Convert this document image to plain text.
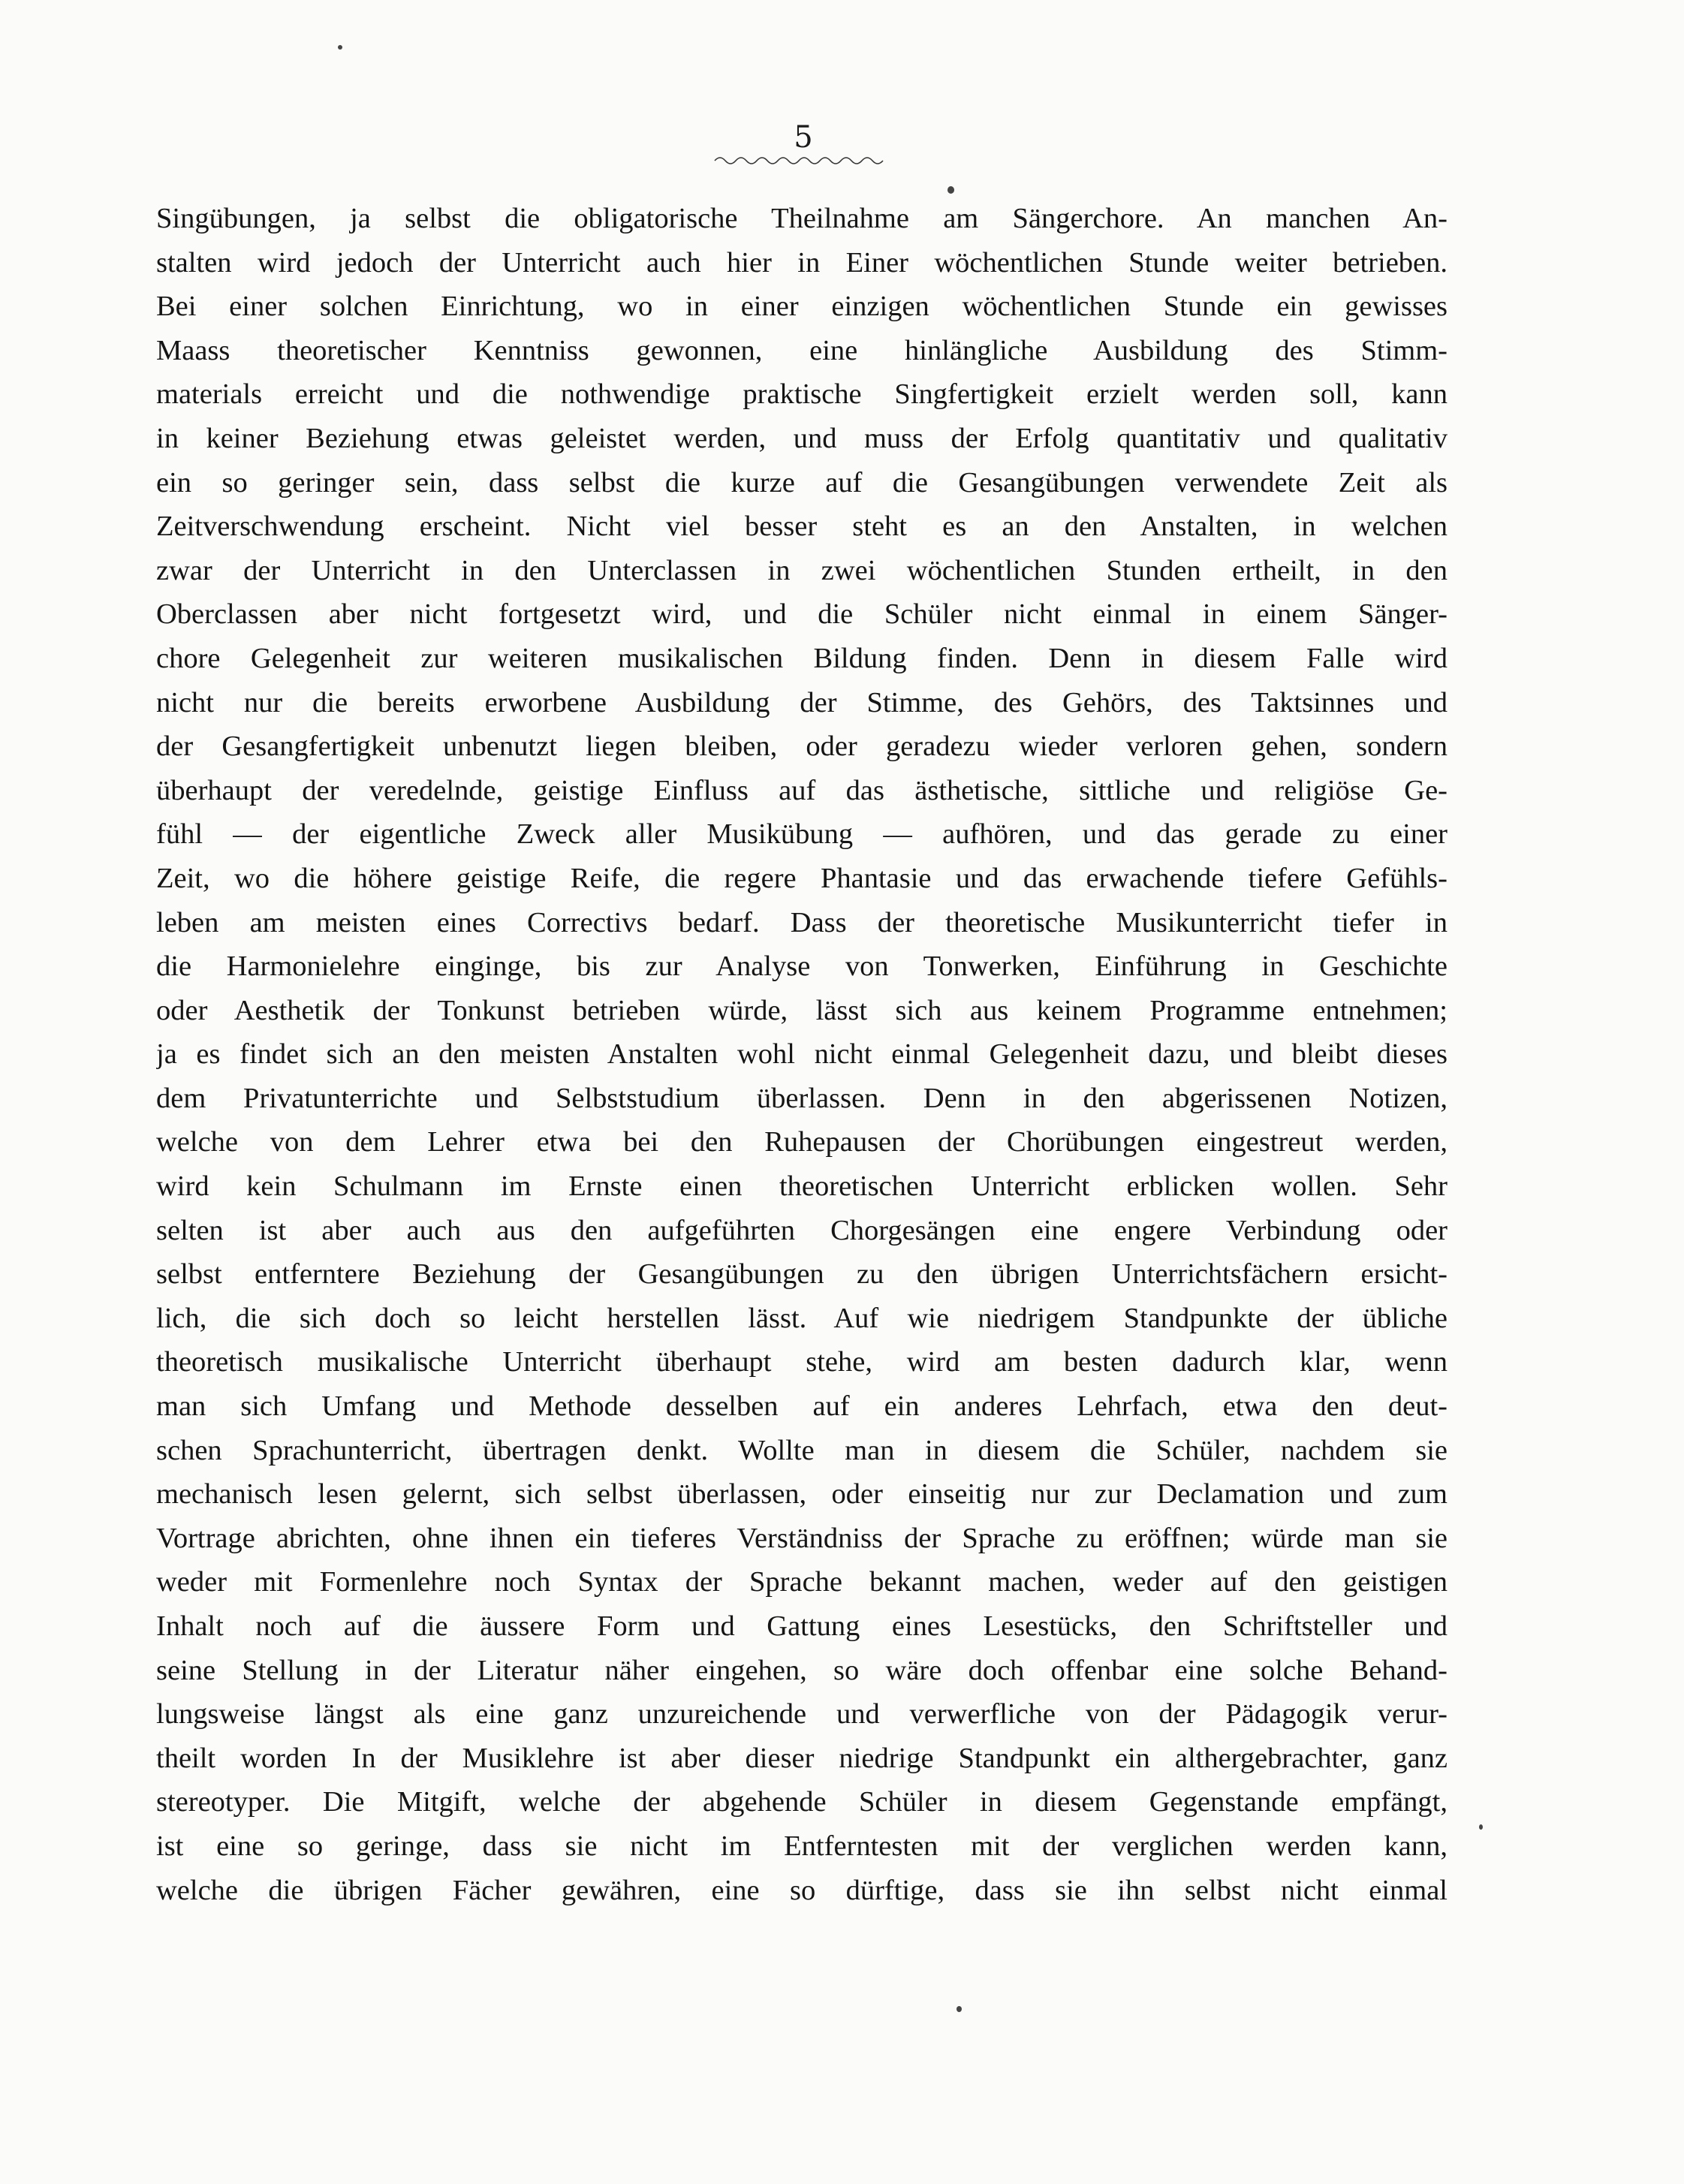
5
Singübungen, ja selbst die obligatorische Theilnahme am Sängerchore. An manchen An-
stalten wird jedoch der Unterricht auch hier in Einer wöchentlichen Stunde weiter betrieben.
Bei einer solchen Einrichtung, wo in einer einzigen wöchentlichen Stunde ein gewisses
Maass theoretischer Kenntniss gewonnen, eine hinlängliche Ausbildung des Stimm-
materials erreicht und die nothwendige praktische Singfertigkeit erzielt werden soll, kann
in keiner Beziehung etwas geleistet werden, und muss der Erfolg quantitativ und qualitativ
ein so geringer sein, dass selbst die kurze auf die Gesangübungen verwendete Zeit als
Zeitverschwendung erscheint. Nicht viel besser steht es an den Anstalten, in welchen
zwar der Unterricht in den Unterclassen in zwei wöchentlichen Stunden ertheilt, in den
Oberclassen aber nicht fortgesetzt wird, und die Schüler nicht einmal in einem Sänger-
chore Gelegenheit zur weiteren musikalischen Bildung finden. Denn in diesem Falle wird
nicht nur die bereits erworbene Ausbildung der Stimme, des Gehörs, des Taktsinnes und
der Gesangfertigkeit unbenutzt liegen bleiben, oder geradezu wieder verloren gehen, sondern
überhaupt der veredelnde, geistige Einfluss auf das ästhetische, sittliche und religiöse Ge-
fühl — der eigentliche Zweck aller Musikübung — aufhören, und das gerade zu einer
Zeit, wo die höhere geistige Reife, die regere Phantasie und das erwachende tiefere Gefühls-
leben am meisten eines Correctivs bedarf. Dass der theoretische Musikunterricht tiefer in
die Harmonielehre einginge, bis zur Analyse von Tonwerken, Einführung in Geschichte
oder Aesthetik der Tonkunst betrieben würde, lässt sich aus keinem Programme entnehmen;
ja es findet sich an den meisten Anstalten wohl nicht einmal Gelegenheit dazu, und bleibt dieses
dem Privatunterrichte und Selbststudium überlassen. Denn in den abgerissenen Notizen,
welche von dem Lehrer etwa bei den Ruhepausen der Chorübungen eingestreut werden,
wird kein Schulmann im Ernste einen theoretischen Unterricht erblicken wollen. Sehr
selten ist aber auch aus den aufgeführten Chorgesängen eine engere Verbindung oder
selbst entferntere Beziehung der Gesangübungen zu den übrigen Unterrichtsfächern ersicht-
lich, die sich doch so leicht herstellen lässt. Auf wie niedrigem Standpunkte der übliche
theoretisch musikalische Unterricht überhaupt stehe, wird am besten dadurch klar, wenn
man sich Umfang und Methode desselben auf ein anderes Lehrfach, etwa den deut-
schen Sprachunterricht, übertragen denkt. Wollte man in diesem die Schüler, nachdem sie
mechanisch lesen gelernt, sich selbst überlassen, oder einseitig nur zur Declamation und zum
Vortrage abrichten, ohne ihnen ein tieferes Verständniss der Sprache zu eröffnen; würde man sie
weder mit Formenlehre noch Syntax der Sprache bekannt machen, weder auf den geistigen
Inhalt noch auf die äussere Form und Gattung eines Lesestücks, den Schriftsteller und
seine Stellung in der Literatur näher eingehen, so wäre doch offenbar eine solche Behand-
lungsweise längst als eine ganz unzureichende und verwerfliche von der Pädagogik verur-
theilt worden In der Musiklehre ist aber dieser niedrige Standpunkt ein althergebrachter, ganz
stereotyper. Die Mitgift, welche der abgehende Schüler in diesem Gegenstande empfängt,
ist eine so geringe, dass sie nicht im Entferntesten mit der verglichen werden kann,
welche die übrigen Fächer gewähren, eine so dürftige, dass sie ihn selbst nicht einmal
